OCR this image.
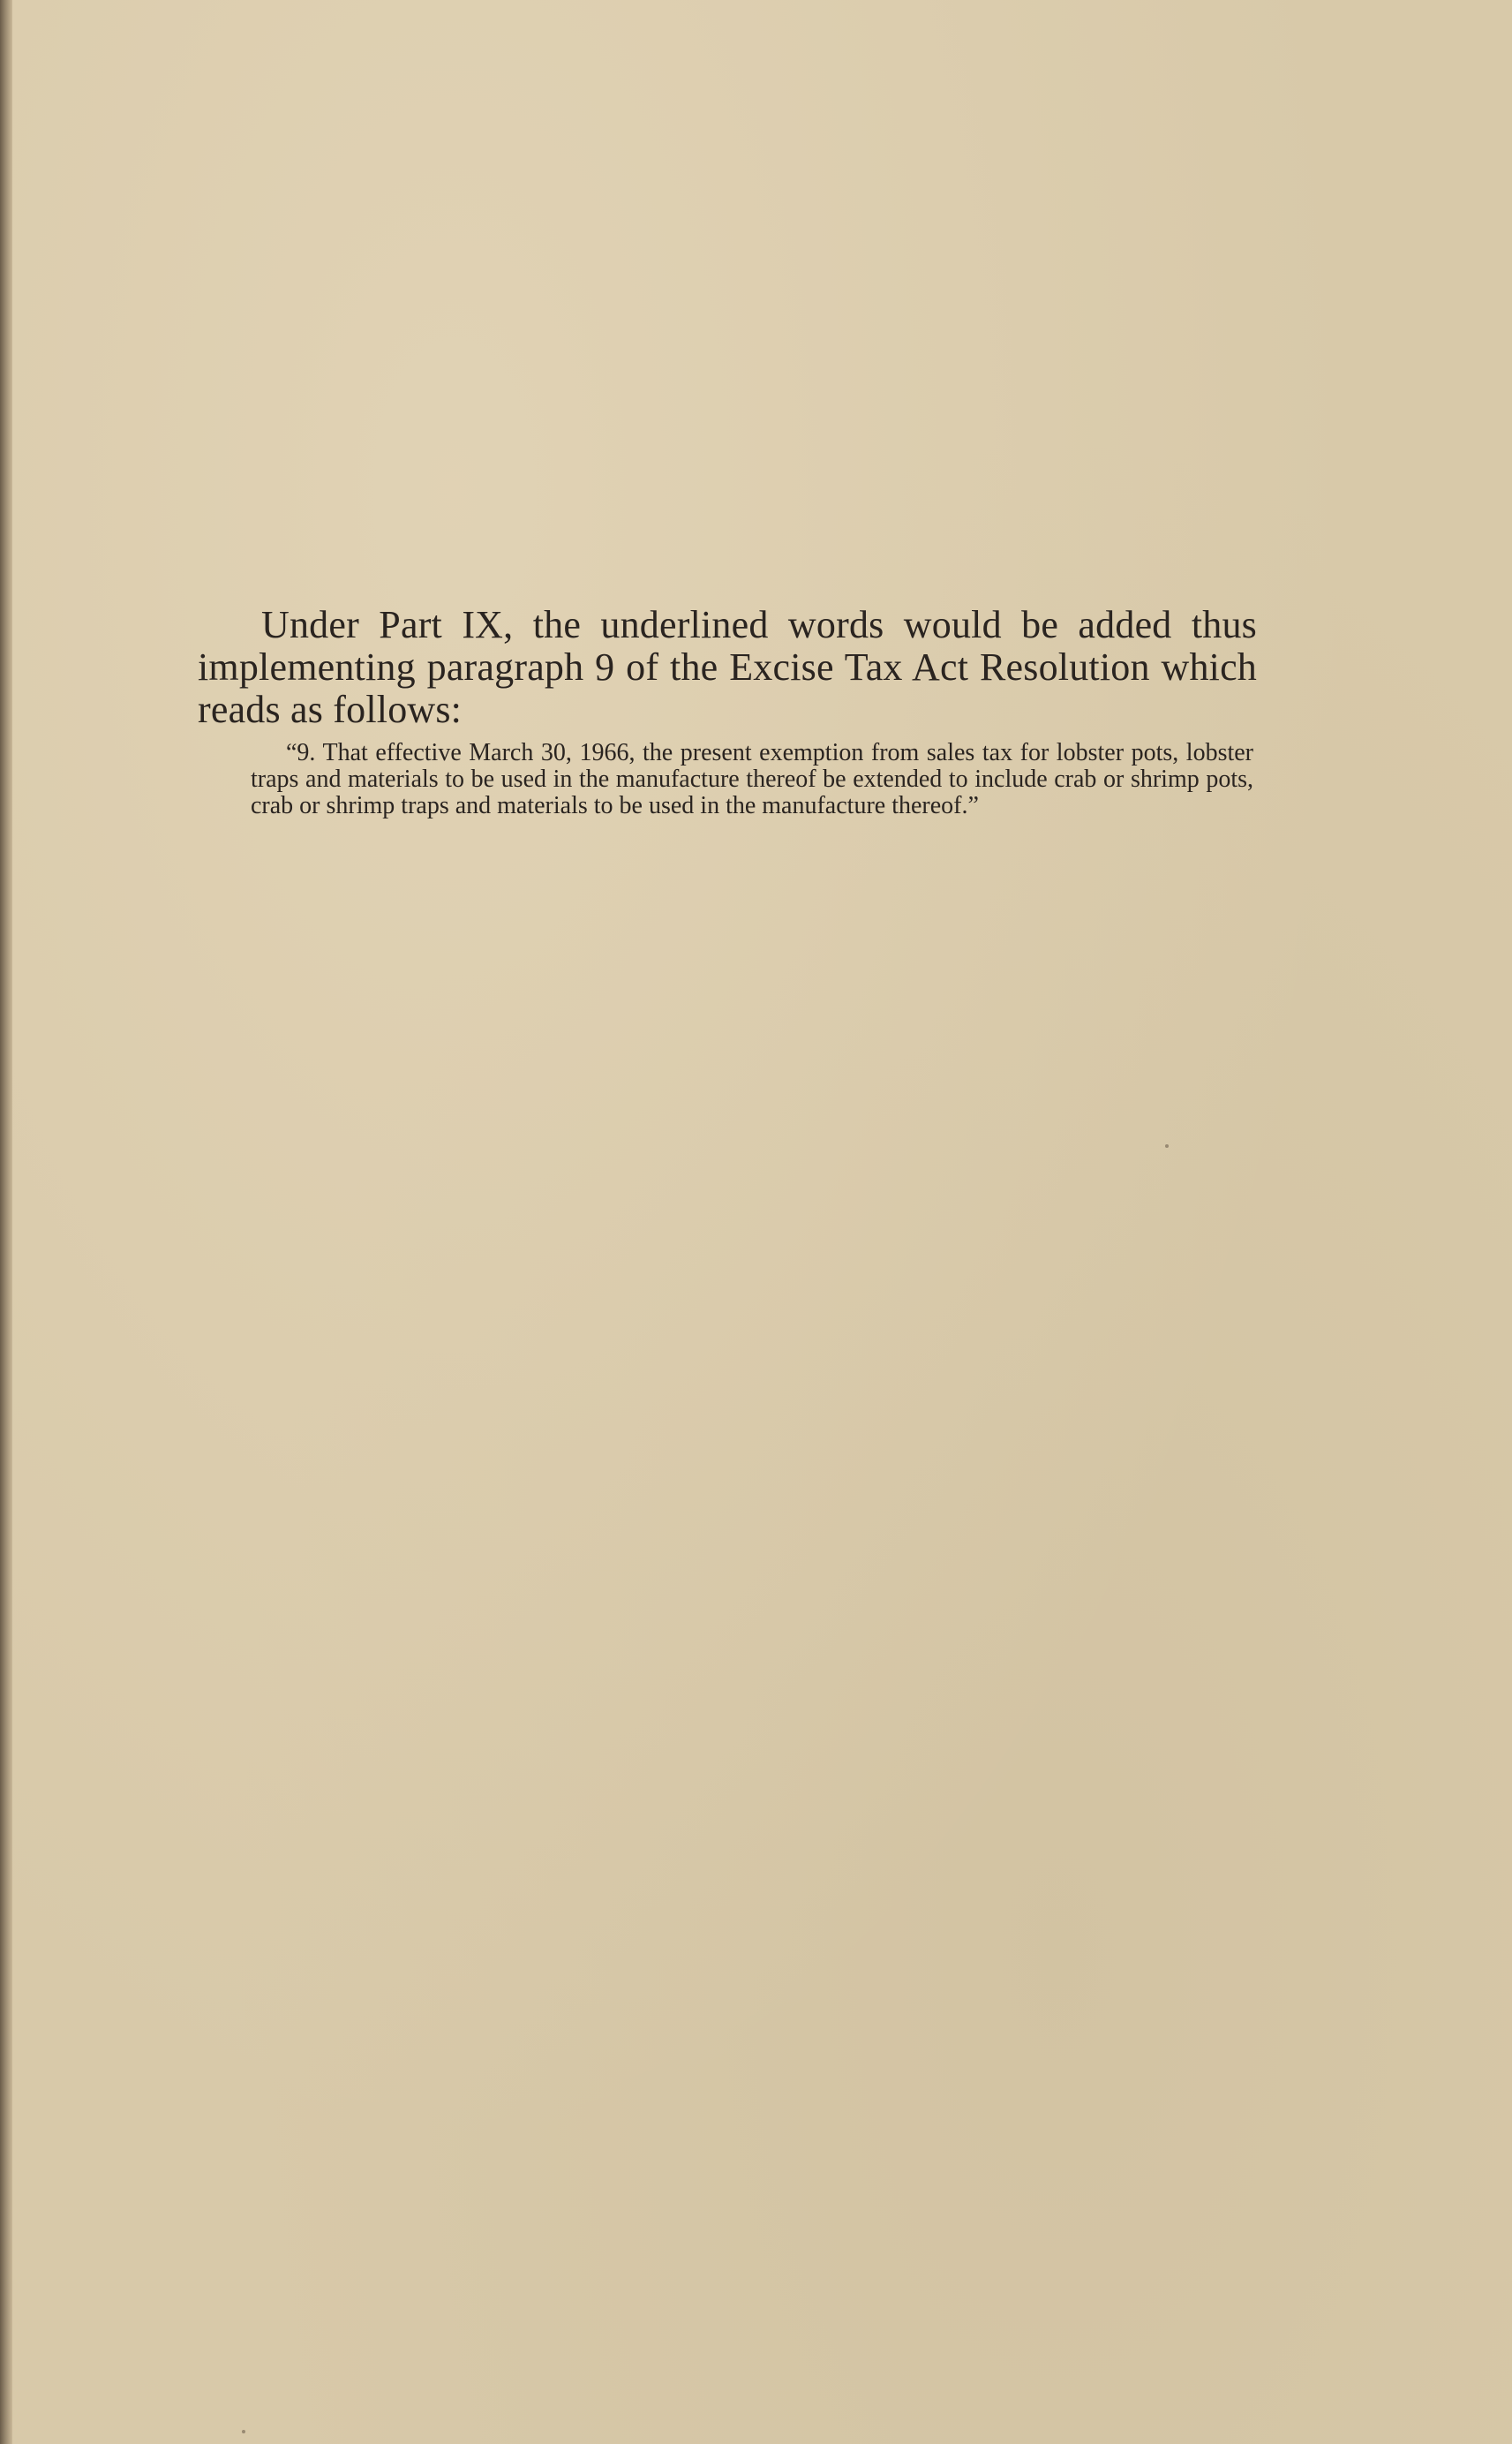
Under Part IX, the underlined words would be added thus implementing paragraph 9 of the Excise Tax Act Resolution which reads as follows:

“9. That effective March 30, 1966, the present exemption from sales tax for lobster pots, lobster traps and materials to be used in the manufacture thereof be extended to include crab or shrimp pots, crab or shrimp traps and materials to be used in the manufacture thereof.”
